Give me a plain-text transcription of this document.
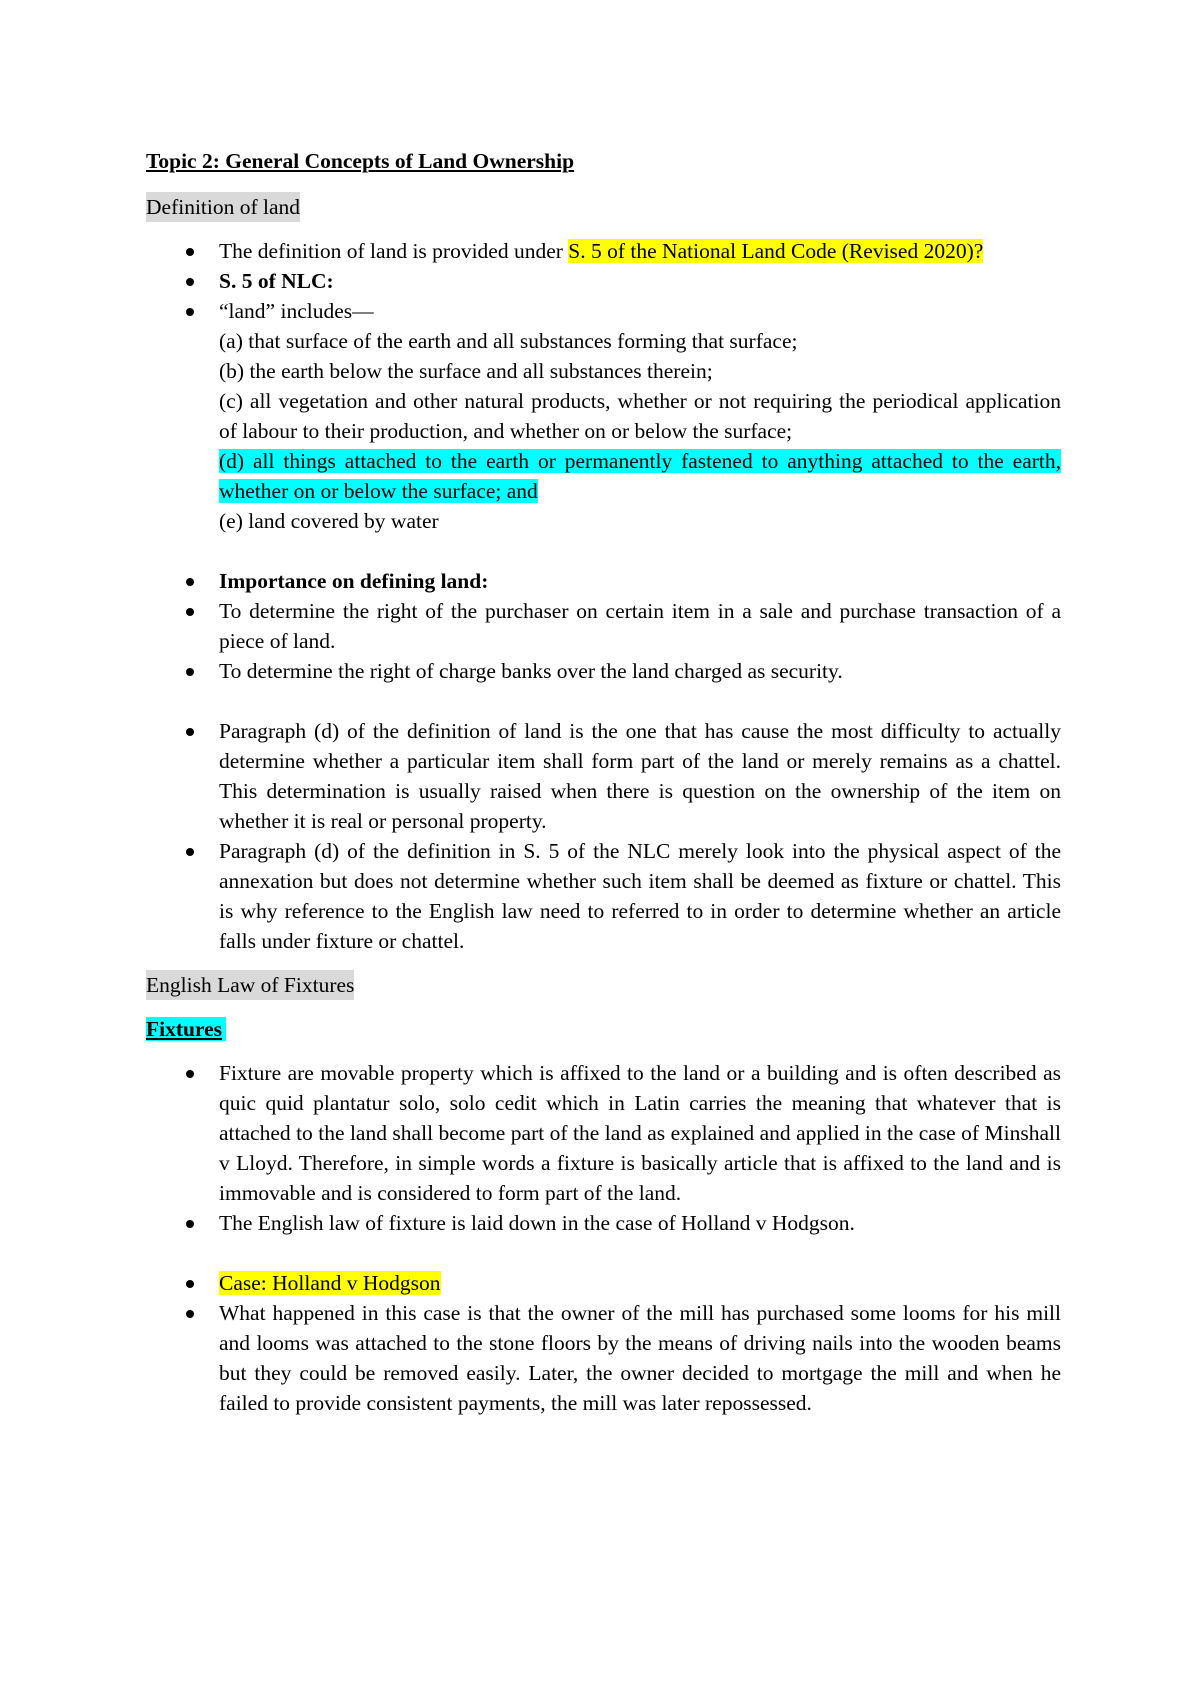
Topic 2: General Concepts of Land Ownership

Definition of land

The definition of land is provided under S. 5 of the National Land Code (Revised 2020)?
S. 5 of NLC:
“land” includes—
(a) that surface of the earth and all substances forming that surface;
(b) the earth below the surface and all substances therein;
(c) all vegetation and other natural products, whether or not requiring the periodical application of labour to their production, and whether on or below the surface;
(d) all things attached to the earth or permanently fastened to anything attached to the earth, whether on or below the surface; and
(e) land covered by water
Importance on defining land:
To determine the right of the purchaser on certain item in a sale and purchase transaction of a piece of land.
To determine the right of charge banks over the land charged as security.
Paragraph (d) of the definition of land is the one that has cause the most difficulty to actually determine whether a particular item shall form part of the land or merely remains as a chattel. This determination is usually raised when there is question on the ownership of the item on whether it is real or personal property.
Paragraph (d) of the definition in S. 5 of the NLC merely look into the physical aspect of the annexation but does not determine whether such item shall be deemed as fixture or chattel. This is why reference to the English law need to referred to in order to determine whether an article falls under fixture or chattel.

English Law of Fixtures

Fixtures

Fixture are movable property which is affixed to the land or a building and is often described as quic quid plantatur solo, solo cedit which in Latin carries the meaning that whatever that is attached to the land shall become part of the land as explained and applied in the case of Minshall v Lloyd. Therefore, in simple words a fixture is basically article that is affixed to the land and is immovable and is considered to form part of the land.
The English law of fixture is laid down in the case of Holland v Hodgson.
Case: Holland v Hodgson
What happened in this case is that the owner of the mill has purchased some looms for his mill and looms was attached to the stone floors by the means of driving nails into the wooden beams but they could be removed easily. Later, the owner decided to mortgage the mill and when he failed to provide consistent payments, the mill was later repossessed.
